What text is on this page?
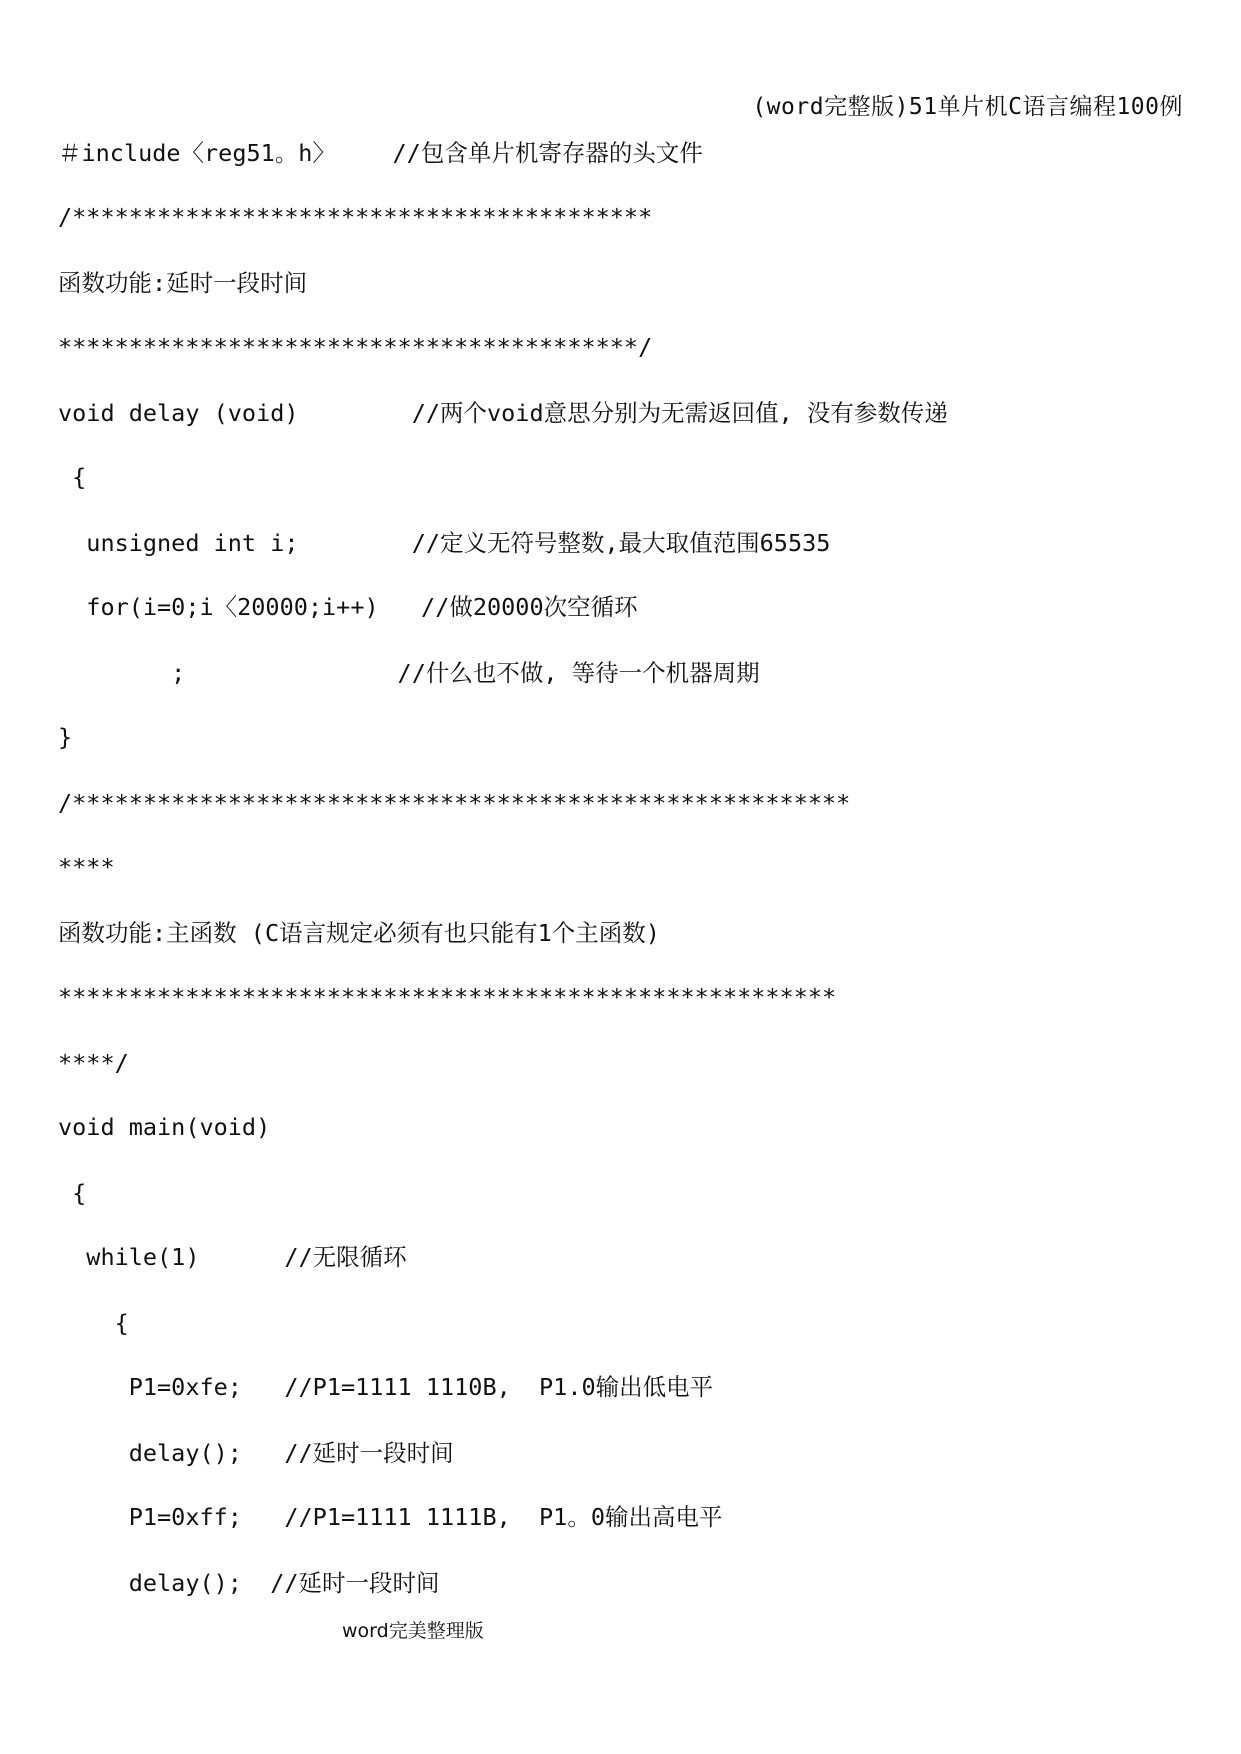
(word完整版)51单片机C语言编程100例
＃include〈reg51。h〉    //包含单片机寄存器的头文件
/*****************************************
函数功能:延时一段时间
*****************************************/
void delay (void)        //两个void意思分别为无需返回值, 没有参数传递
{
unsigned int i;        //定义无符号整数,最大取值范围65535
for(i=0;i〈20000;i++)   //做20000次空循环
;               //什么也不做, 等待一个机器周期
}
/*******************************************************
****
函数功能:主函数 (C语言规定必须有也只能有1个主函数)
*******************************************************
****/
void main(void)
{
while(1)      //无限循环
{
P1=0xfe;   //P1=1111 1110B,  P1.0输出低电平
delay();   //延时一段时间
P1=0xff;   //P1=1111 1111B,  P1。0输出高电平
delay();  //延时一段时间
word完美整理版
